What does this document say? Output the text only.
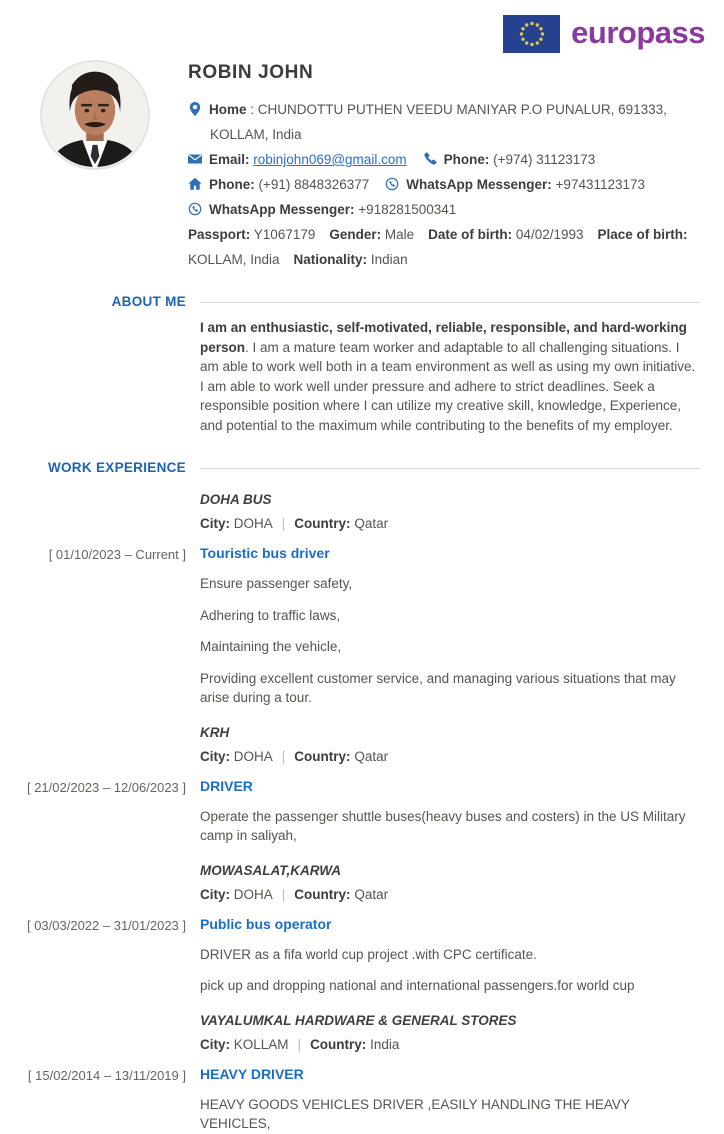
europass
ROBIN JOHN
Home : CHUNDOTTU PUTHEN VEEDU MANIYAR P.O PUNALUR, 691333, KOLLAM, India
Email: robinjohn069@gmail.com	Phone: (+974) 31123173
Phone: (+91) 8848326377	WhatsApp Messenger: +97431123173
WhatsApp Messenger: +918281500341
Passport: Y1067179 Gender: Male Date of birth: 04/02/1993 Place of birth: KOLLAM, India Nationality: Indian
ABOUT ME
I am an enthusiastic, self-motivated, reliable, responsible, and hard-working person. I am a mature team worker and adaptable to all challenging situations. I am able to work well both in a team environment as well as using my own initiative. I am able to work well under pressure and adhere to strict deadlines. Seek a responsible position where I can utilize my creative skill, knowledge, Experience, and potential to the maximum while contributing to the benefits of my employer.
WORK EXPERIENCE
DOHA BUS
City: DOHA | Country: Qatar
[ 01/10/2023 – Current ] Touristic bus driver

Ensure passenger safety,

Adhering to traffic laws,

Maintaining the vehicle,

Providing excellent customer service, and managing various situations that may arise during a tour.

KRH
City: DOHA | Country: Qatar
[ 21/02/2023 – 12/06/2023 ] DRIVER

Operate the passenger shuttle buses(heavy buses and costers) in the US Military camp in saliyah,

MOWASALAT,KARWA
City: DOHA | Country: Qatar
[ 03/03/2022 – 31/01/2023 ] Public bus operator

DRIVER as a fifa world cup project .with CPC certificate.

pick up and dropping national and international passengers.for world cup

VAYALUMKAL HARDWARE & GENERAL STORES
City: KOLLAM | Country: India
[ 15/02/2014 – 13/11/2019 ] HEAVY DRIVER

HEAVY GOODS VEHICLES DRIVER ,EASILY HANDLING THE HEAVY VEHICLES,
